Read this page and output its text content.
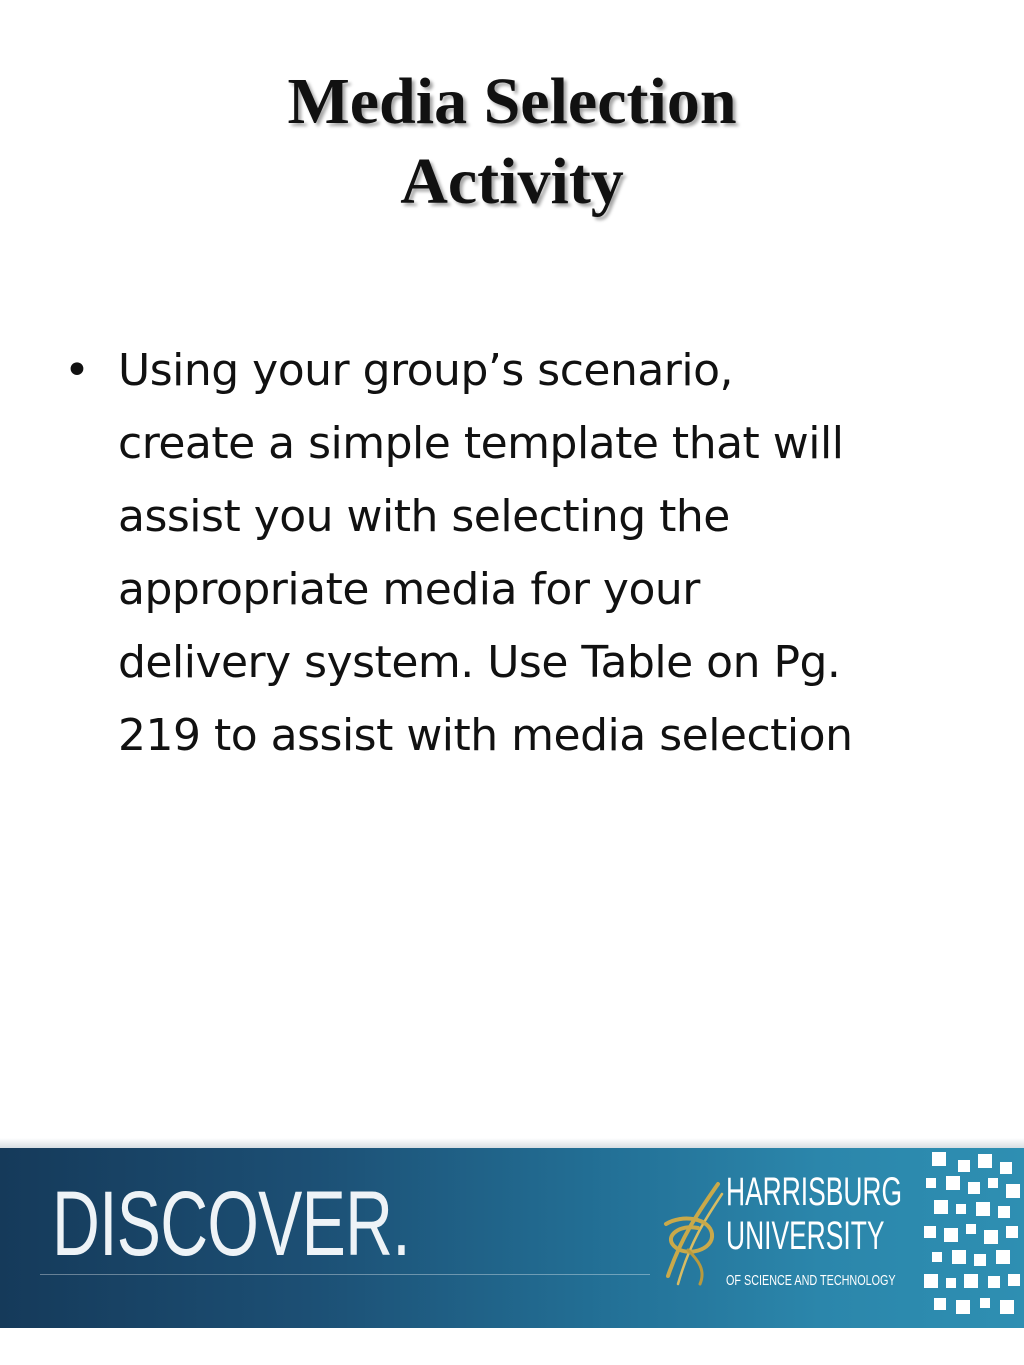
Media Selection
Activity
• Using your group’s scenario,
create a simple template that will
assist you with selecting the
appropriate media for your
delivery system. Use Table on Pg.
219 to assist with media selection
DISCOVER.	HARRISBURG
UNIVERSITY
OF SCIENCE AND TECHNOLOGY
